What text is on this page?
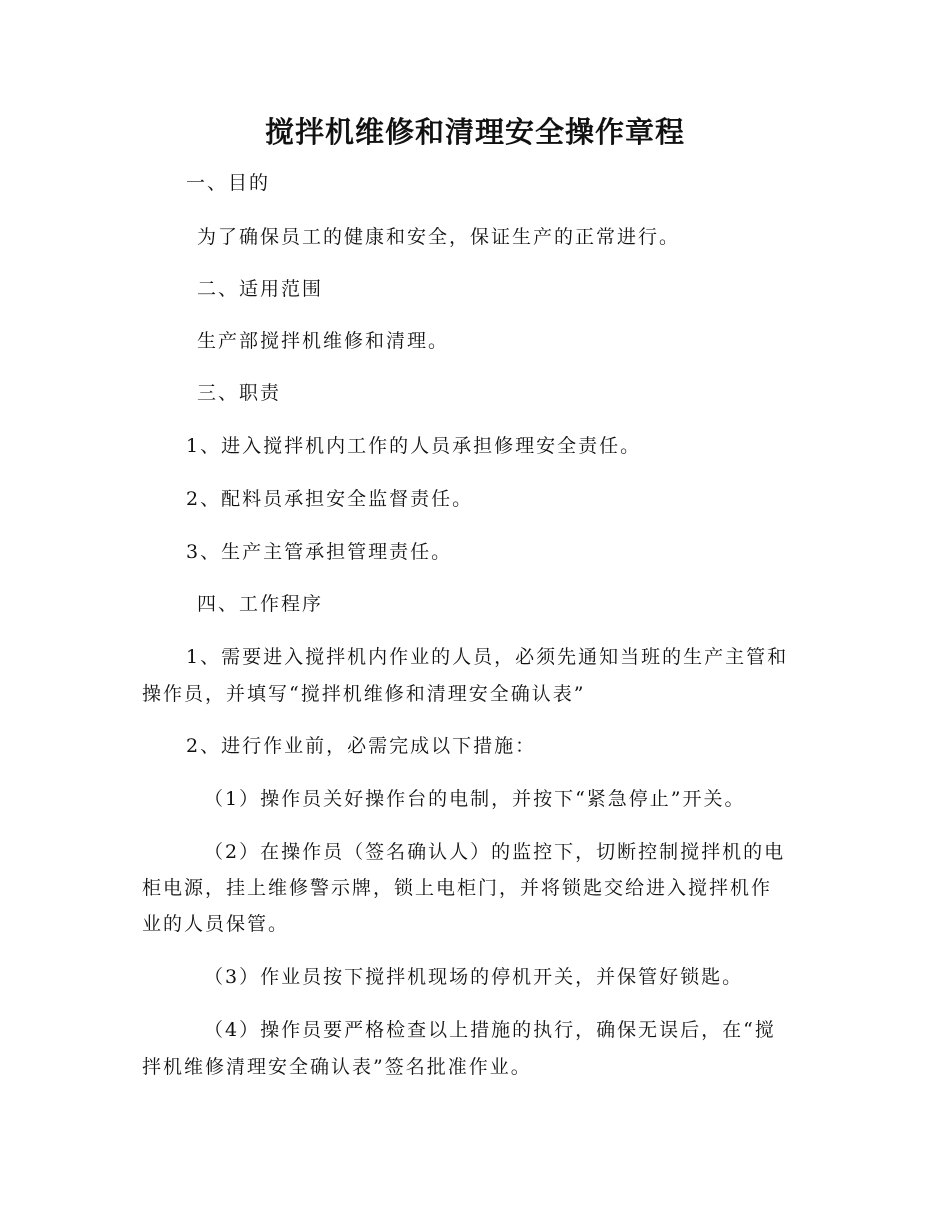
搅拌机维修和清理安全操作章程

一、目的

为了确保员工的健康和安全，保证生产的正常进行。

二、适用范围

生产部搅拌机维修和清理。

三、职责

1、进入搅拌机内工作的人员承担修理安全责任。

2、配料员承担安全监督责任。

3、生产主管承担管理责任。

四、工作程序

1、需要进入搅拌机内作业的人员，必须先通知当班的生产主管和

操作员，并填写“搅拌机维修和清理安全确认表”

2、进行作业前，必需完成以下措施：

（1）操作员关好操作台的电制，并按下“紧急停止”开关。

（2）在操作员（签名确认人）的监控下，切断控制搅拌机的电

柜电源，挂上维修警示牌，锁上电柜门，并将锁匙交给进入搅拌机作

业的人员保管。

（3）作业员按下搅拌机现场的停机开关，并保管好锁匙。

（4）操作员要严格检查以上措施的执行，确保无误后，在“搅

拌机维修清理安全确认表”签名批准作业。
